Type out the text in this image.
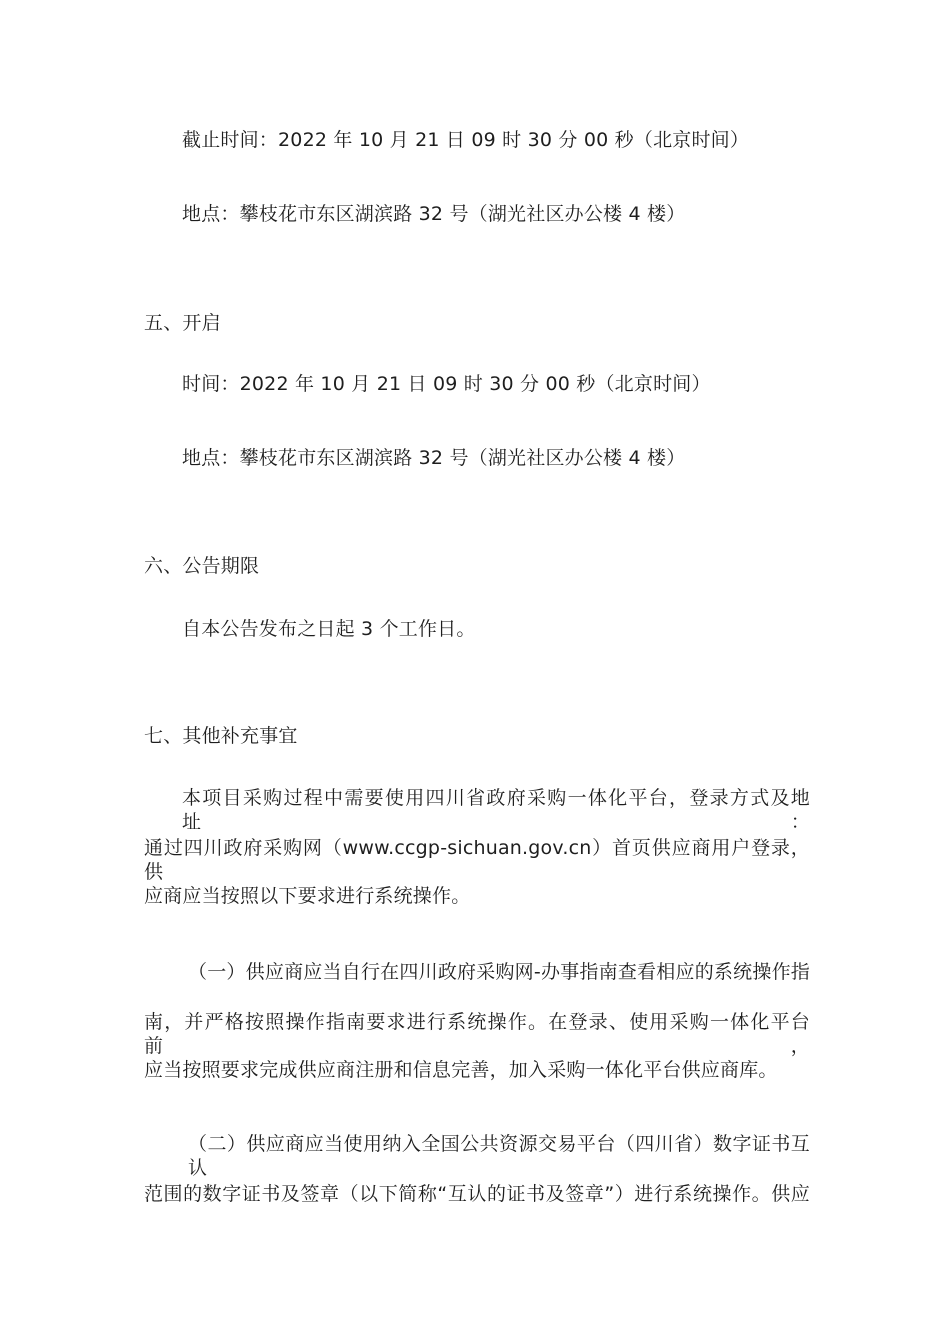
截止时间：2022 年 10 月 21 日 09 时 30 分 00 秒（北京时间）
地点：攀枝花市东区湖滨路 32 号（湖光社区办公楼 4 楼）
五、开启
时间：2022 年 10 月 21 日 09 时 30 分 00 秒（北京时间）
地点：攀枝花市东区湖滨路 32 号（湖光社区办公楼 4 楼）
六、公告期限
自本公告发布之日起 3 个工作日。
七、其他补充事宜
本项目采购过程中需要使用四川省政府采购一体化平台，登录方式及地址：
通过四川政府采购网（www.ccgp-sichuan.gov.cn）首页供应商用户登录，供
应商应当按照以下要求进行系统操作。
（一）供应商应当自行在四川政府采购网-办事指南查看相应的系统操作指
南，并严格按照操作指南要求进行系统操作。在登录、使用采购一体化平台前，
应当按照要求完成供应商注册和信息完善，加入采购一体化平台供应商库。
（二）供应商应当使用纳入全国公共资源交易平台（四川省）数字证书互认
范围的数字证书及签章（以下简称“互认的证书及签章”）进行系统操作。供应
